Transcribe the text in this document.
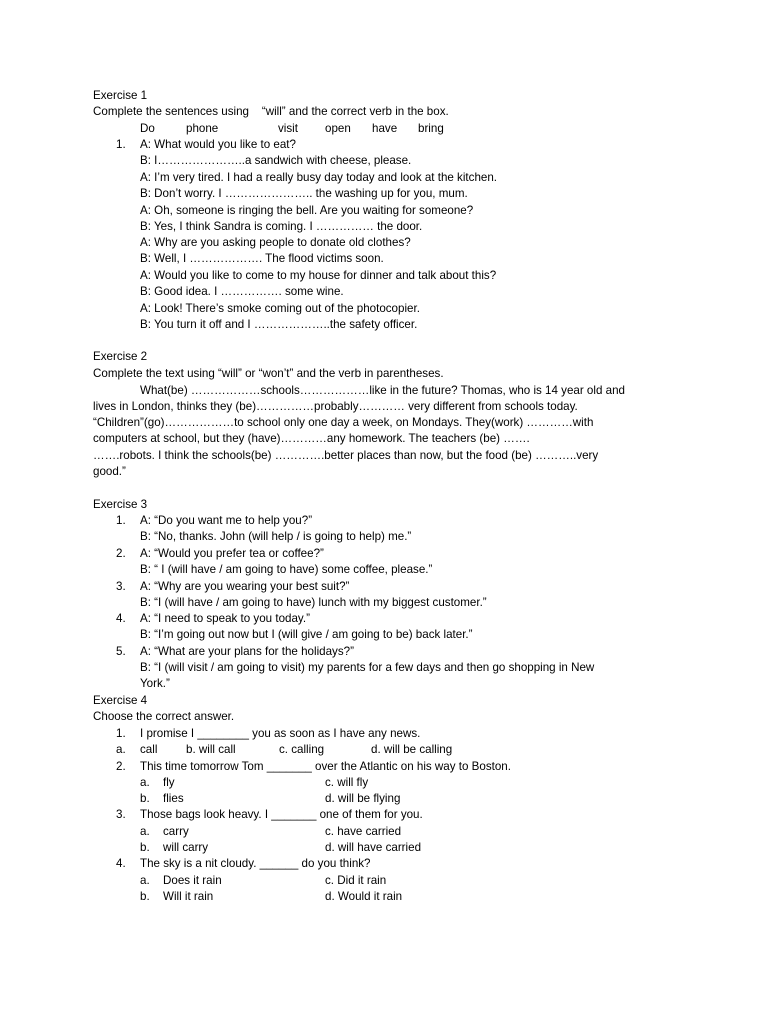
Exercise 1
Complete the sentences using    “will” and the correct verb in the box.
Do	phone	visit open have bring
1. A: What would you like to eat?
B: I…………………..a sandwich with cheese, please.
A: I’m very tired. I had a really busy day today and look at the kitchen.
B: Don’t worry. I ………………….. the washing up for you, mum.
A: Oh, someone is ringing the bell. Are you waiting for someone?
B: Yes, I think Sandra is coming. I …………… the door.
A: Why are you asking people to donate old clothes?
B: Well, I ………………. The flood victims soon.
A: Would you like to come to my house for dinner and talk about this?
B: Good idea. I ……………. some wine.
A: Look! There’s smoke coming out of the photocopier.
B: You turn it off and I ………………..the safety officer.
Exercise 2
Complete the text using “will” or “won’t” and the verb in parentheses.
What(be) ………………schools………………like in the future? Thomas, who is 14 year old and
lives in London, thinks they (be)……………probably………… very different from schools today.
“Children”(go)………………to school only one day a week, on Mondays. They(work) …………with
computers at school, but they (have)…………any homework. The teachers (be) …….
…….robots. I think the schools(be) ………….better places than now, but the food (be) ………..very
good.”
Exercise 3
1. A: “Do you want me to help you?”
B: “No, thanks. John (will help / is going to help) me.”
2. A: “Would you prefer tea or coffee?”
B: “ I (will have / am going to have) some coffee, please.”
3. A: “Why are you wearing your best suit?”
B: “I (will have / am going to have) lunch with my biggest customer.”
4. A: “I need to speak to you today.”
B: “I’m going out now but I (will give / am going to be) back later.”
5. A: “What are your plans for the holidays?”
B: “I (will visit / am going to visit) my parents for a few days and then go shopping in New
York.”
Exercise 4
Choose the correct answer.
1. I promise I ________ you as soon as I have any news.
a. call b. will call	c. calling	d. will be calling
2. This time tomorrow Tom _______ over the Atlantic on his way to Boston.
a. fly	c. will fly
b. flies	d. will be flying
3. Those bags look heavy. I _______ one of them for you.
a. carry	c. have carried
b. will carry	d. will have carried
4. The sky is a nit cloudy. ______ do you think?
a. Does it rain	c. Did it rain
b. Will it rain	d. Would it rain
